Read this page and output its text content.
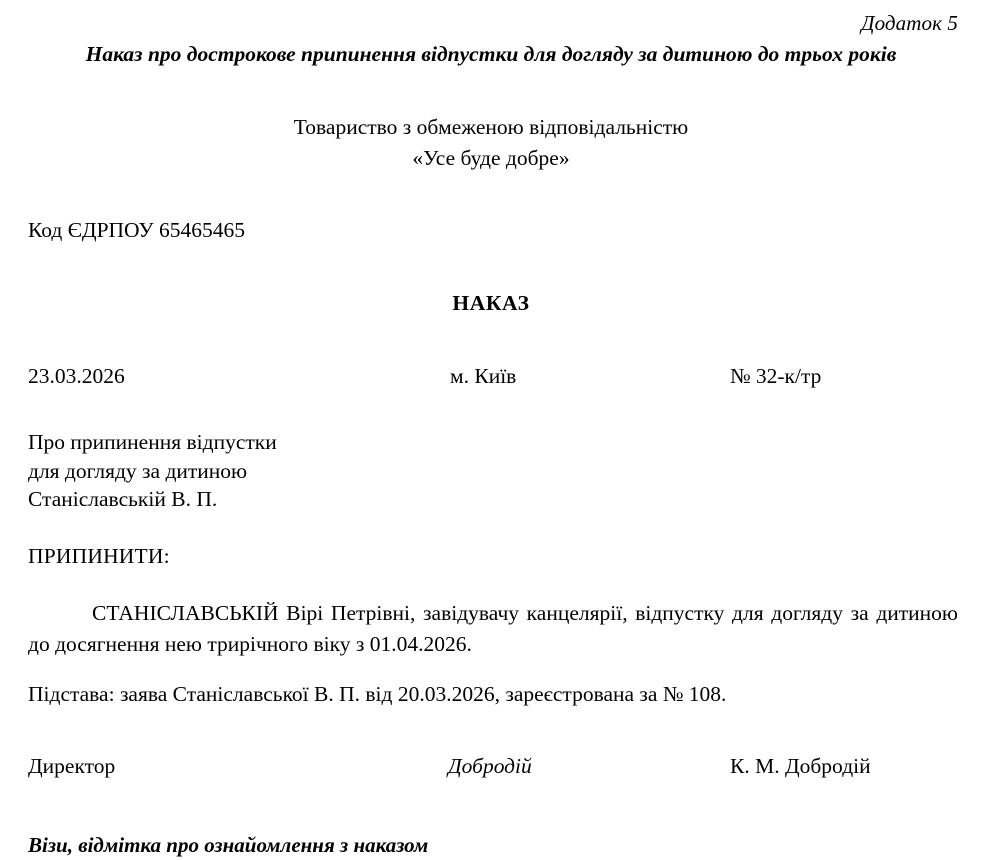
Додаток 5

Наказ про дострокове припинення відпустки для догляду за дитиною до трьох років
Товариство з обмеженою відповідальністю
«Усе буде добре»

Код ЄДРПОУ 65465465

НАКАЗ

23.03.2026	м. Київ	№ 32-к/тр
Про припинення відпустки
для догляду за дитиною
Станіславській В. П.

ПРИПИНИТИ:

СТАНІСЛАВСЬКІЙ Вірі Петрівні, завідувачу канцелярії, відпустку для догляду за дитиною до досягнення нею трирічного віку з 01.04.2026.

Підстава: заява Станіславської В. П. від 20.03.2026, зареєстрована за № 108.

Директор	Добродій	К. М. Добродій

Візи, відмітка про ознайомлення з наказом
